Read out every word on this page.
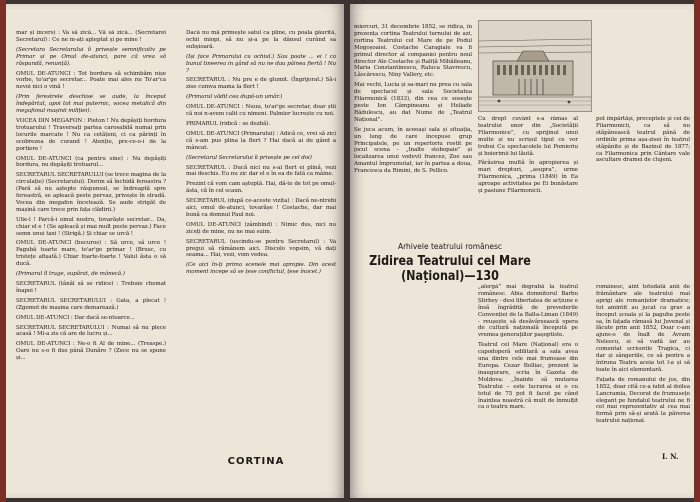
mar și incers) : Va să zică... Vă să zică... (Secretarei Secretarul) : Ce ne m-ați apleptat și pe mine !

(Secretara Secretarului îi privește semnificativ pe Primar și pe Omul de-atunci, pare că vrea să răspundă, renunță).

OMUL DE-ATUNCI : Tot bordura să schimbăm nișe vorbe, to'ar'ge secretar... Poate mai ales nu To'ar'ca nevoi nici o vină !

(Prin ferestrele deschise se aude, la început îndepărtat, apoi tot mai puternic, vocea metalică din megafonul mașinii miliției).

VOCEA DIN MEGAFON : Pieton ! Nu depășiți bordura trotuarului ! Traversați partea carosabilă numai prin locurile marcate ! Nu ca cetățeni, ci ca părinți în scobrezea de curand ! Atenție, pre-ce-o-i de la portiere !

OMUL DE-ATUNCI (ca pentru sine) : Nu depășiți bordura, nu depășiți trotuarul...

SECRETARUL SECRETARULUI (se trece magina de la circulație) (Secretarului). Dorim să închidă fereastra ? (Pară să nu aștepte răspunsul, se îndreaptă spre fereastră, se apleacă peste pervaz, privește în stradă. Vocea din megafon încetează. Se aude strigăt de mașină care trece prin fața clădirii.)

Ulie-l ! Parcă-i omul nostru, tovarăște secretar... Da, chiar el e ! (Se apleacă și mai mult peste pervaz.) Face semn unui taxi ! (Strigă.) Și chiar se urcă !

OMUL DE-ATUNCI (bucuros) : Să urce, să urce ! Pagubă toarte mare, to'ar'ge primar ! (Brusc, cu tristețe afișată.) Chiar foarte-foarte ! Valul ăsta o să ducă.

(Primarul îl trage, supărat, de mânecă.)

SECRETARUL (tânăl să se ridice) : Trebuie chemat înapoi !

SECRETARUL SECRETARULUI : Gata, a plecat ! (Zgomot de mașina care demarează.)

OMUL DE-ATUNCI : Dar dacă se-ntoarce...

SECRETARUL SECRETARULUI : Numai să nu plece acasă ! Mi-a zis că are de lucru și...

OMUL DE-ATUNCI : Ne-o fi Al de mine... (Treaspe.) Oare nu s-o fi dus până Dunăre ? (Zece nu se spune și...

Dacă nu mă primește satul ca pline, cu poala găurită, ochii miopi, să nu și-a pe la dânsul curând sa subșioară.

(Iși face Primarului cu ochiul.) Sau poate ... ei ! ca bunul tineerea in gând să nu ne dau pâinea fiertă ! Nu ?

SECRETARUL : Nu pre e de glumit. (Îngrijorat.) Să-i zise cumva mama la flert !

(Primarul vădit cea după-un umăr.)

OMUL DE-ATUNCI : Nuuu, to'ar'ge secretar, doar știi că noi n-avem calit cu nimeni. Palmier lucrește cu noi.

PRIMARUL (ridică : se dezbă).

OMUL DE-ATUNCI (Primarului) : Adică ce, vrei să zici că s-am pus plina la flert ? Hai dacă ai de gând a mâncat.

(Secretarul Secretarului îi privește pe cel doi)

SECRETARUL : Ducă nici nu s-ai flert ei plină, vezi mai deschis. Eu nu zic dar el e în ea de fată ca mâine.

Prezint că vom cam așteptă. Hai, dă-te de tot pe omul-ăsta, că în cel scaun.

SECRETARUL (după ce-aceste vizita) : Dacă ne-ntrebi aici, omul de-atunci, tovarășe ! Costache, dar mai bună ca domnul Paul noi.

OMUL DE-ATUNCI (zâmbind) : Nimic dus, nici nu ziceți de mine, nu ne mai suim.

SECRETARUL (uscindu-se pentru Secretarul) : Va pregui să rămânem aici. Discolo vopsim, vă dați seama... Hai, vezi, vom vedea.

(Ce aici în-ți prima scenele mai apropie. Din acest moment incepe să se țese conflictul, țese înocet.)

CORTINA

miercuri, 31 decembrie 1852, se ridica, în prezența cortina Teatrului turnului de azi, cortina Teatrului cel Mare de pe Podul Mogoșoaiei. Costache Caragiale va fi primul director al companiei pentru noul director Ale Costache și Raliță Mihăileanu, Maria Constantinescu, Raluca Stavrescu, Lăscărescu, Niny Vallery, etc.

Mai vechi, Lucia și sa-mari nu prea cu sala de spectacol și sala Societatea Filarmonică (1833), din cea ce sosește peste Ion Câmpineanu și Heliade Rădulescu, au dat Nume de „Teatrul Național”.

Se juca acum, în aceeași sala și situația, un lung de care începuse grup Principatele, pe un repertoriu rostit pe jocul scena - „Inalte stobopaie” și localizarea unui vodevil francez, Zoe sau Amantul împrumutat, iar în partea a doua, Francesca da Rimini, de S. Pellico.

Cu drept cuvânt s-a rămas al teatrului unor din „Societății Filarmonice”, cu sprijinul unui multe și nu scrișul tipul ce vor trebui Cu spectacolele lui Pomieriu și boierimii lui lăută.

Părăsirea multă în apropierea și mari drepturi, „asupra”, urme Filarmonica, „prima (1849) în Ea aproape activitatea pe Ei bunăstare și pasiune Filarmonicii.

pot împărtăși, preceptele și cei de Filarmonicii, ca să nu stăpânească teatrul până de ordinile prima așa-zisei în teatrul stăpânite și de Bazinul de 1877; ca Filarmonica prin Cântare vale ascultare dramei de clujeni.

Arhivele teatrului românesc
Zidirea Teatrului cel Mare (Național)—130

„alergă” mai degrabă la teatrul românesc. Abia domnitorul Barbu Știrbey - desi libertatea de acțiune e însă îngrădită de prevederile Convenției de la Balta-Liman (1849) - reușește să desăvârșească opera de cultură națională începută pe vremea generațiilor pașoptiste.

Teatrul cel Mare (Național) era o capodoperă edilitară a sala avea una dintre cele mai frumoase din Europa. Cezar Bolliac, prezent la inaugurare, scria în Gazeta de Moldova: „Înainte să mutarea Teatrului – este lucrarea ei o cu totul de 75 pot fi facut pe când înaintea noastră că mult de înmulțit ca o teatru mare.

românesc, aint totodată anii de frământare ale teatrului mai aprigi ale romanțelor dramatice; tot amintit au jucat ca grav a început școala și la paguba peste sa, în fațada rămasă lui Juvenal și făcute prin anii 1852, Doar c-am ajuns-o de înalt de Avram Nelescu, si să vadă iar au comentat scrisorile Tragica, ci dar și sângeriile, ce să pentru a întruna Teatru aceia tot l-a și să toate în aici elementară.

Fațada de romanului de jos, din 1852, doar cită ce-a iubit al doilea Lancramia, Decorat de frumusețe elegant pe fundalul teatrului ne fi cel mai reprezentativ al cea mai formă prin să-și arată la părerea teatrului național.

I. N.
